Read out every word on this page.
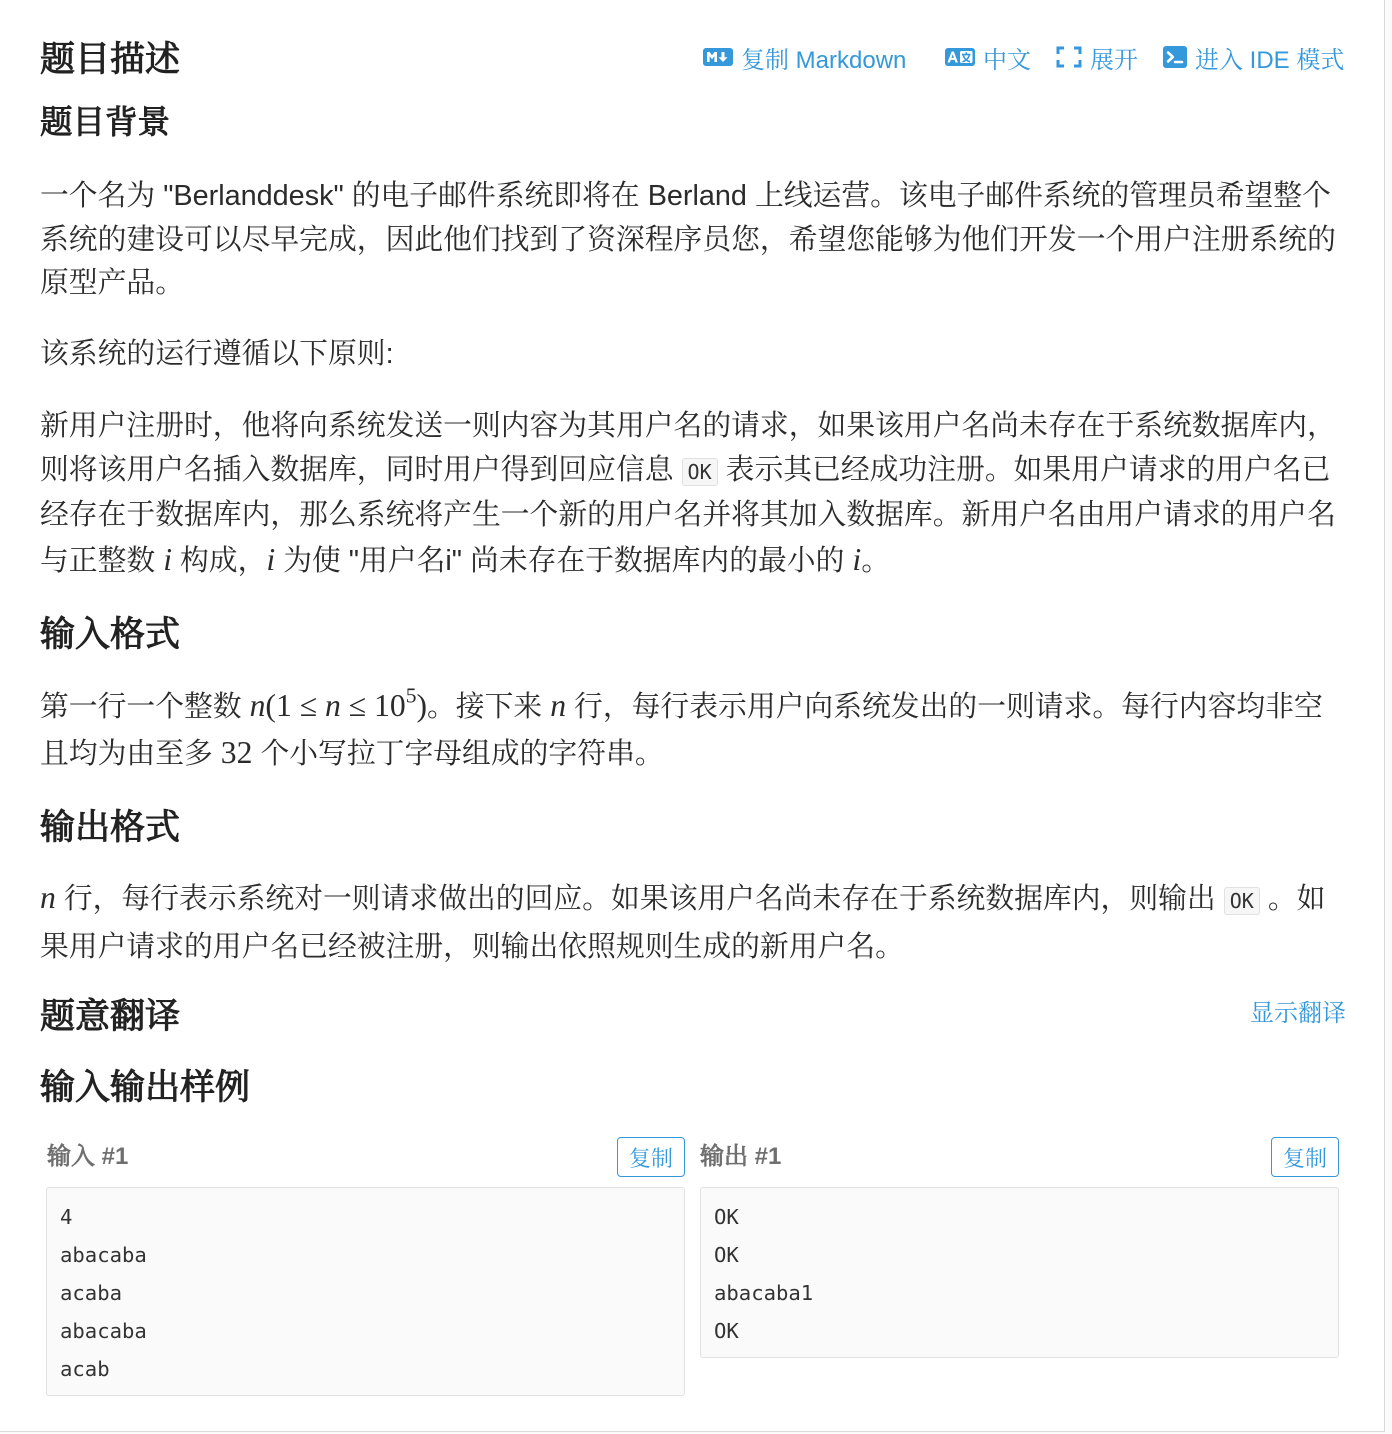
题目描述	复制 Markdown	中文 展开 进入 IDE 模式
题目背景

一个名为 "Berlanddesk" 的电子邮件系统即将在 Berland 上线运营。该电子邮件系统的管理员希望整个系统的建设可以尽早完成，因此他们找到了资深程序员您，希望您能够为他们开发一个用户注册系统的原型产品。

该系统的运行遵循以下原则:

新用户注册时，他将向系统发送一则内容为其用户名的请求，如果该用户名尚未存在于系统数据库内，则将该用户名插入数据库，同时用户得到回应信息 OK 表示其已经成功注册。如果用户请求的用户名已经存在于数据库内，那么系统将产生一个新的用户名并将其加入数据库。新用户名由用户请求的用户名与正整数 i 构成，i 为使 "用户名i" 尚未存在于数据库内的最小的 i。

输入格式

第一行一个整数 $n(1 \le n \le 10^5)$。接下来 n 行，每行表示用户向系统发出的一则请求。每行内容均非空且均为由至多 32 个小写拉丁字母组成的字符串。

输出格式

n 行，每行表示系统对一则请求做出的回应。如果该用户名尚未存在于系统数据库内，则输出 OK 。如果用户请求的用户名已经被注册，则输出依照规则生成的新用户名。

题意翻译	显示翻译
输入输出样例
输入 #1	复制
4
abacaba
acaba
abacaba
acab
输出 #1	复制
OK
OK
abacaba1
OK
